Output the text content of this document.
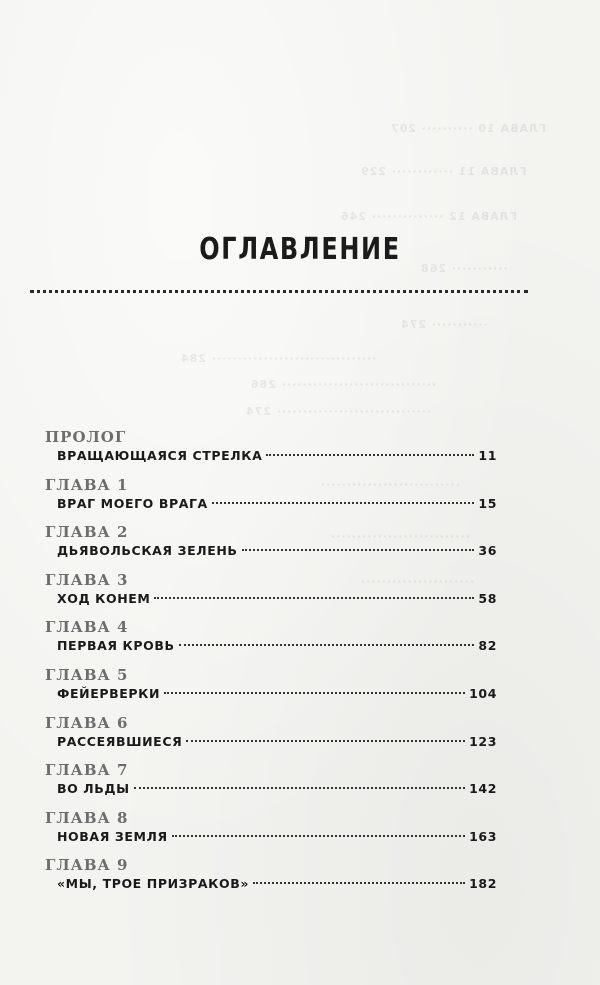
ГЛАВА 10 ·········· 207
ГЛАВА 11 ············ 229
ГЛАВА 12 ·············· 246
··········· 268
··········· 274
································ 284
······························ 286
······························ 274
···························
···························
······················
ОГЛАВЛЕНИЕ
ПРОЛОГ
ВРАЩАЮЩАЯСЯ СТРЕЛКА	11
ГЛАВА 1
ВРАГ МОЕГО ВРАГА	15
ГЛАВА 2
ДЬЯВОЛЬСКАЯ ЗЕЛЕНЬ	36
ГЛАВА 3
ХОД КОНЕМ	58
ГЛАВА 4
ПЕРВАЯ КРОВЬ	82
ГЛАВА 5
ФЕЙЕРВЕРКИ	104
ГЛАВА 6
РАССЕЯВШИЕСЯ	123
ГЛАВА 7
ВО ЛЬДЫ	142
ГЛАВА 8
НОВАЯ ЗЕМЛЯ	163
ГЛАВА 9
«МЫ, ТРОЕ ПРИЗРАКОВ»	182
